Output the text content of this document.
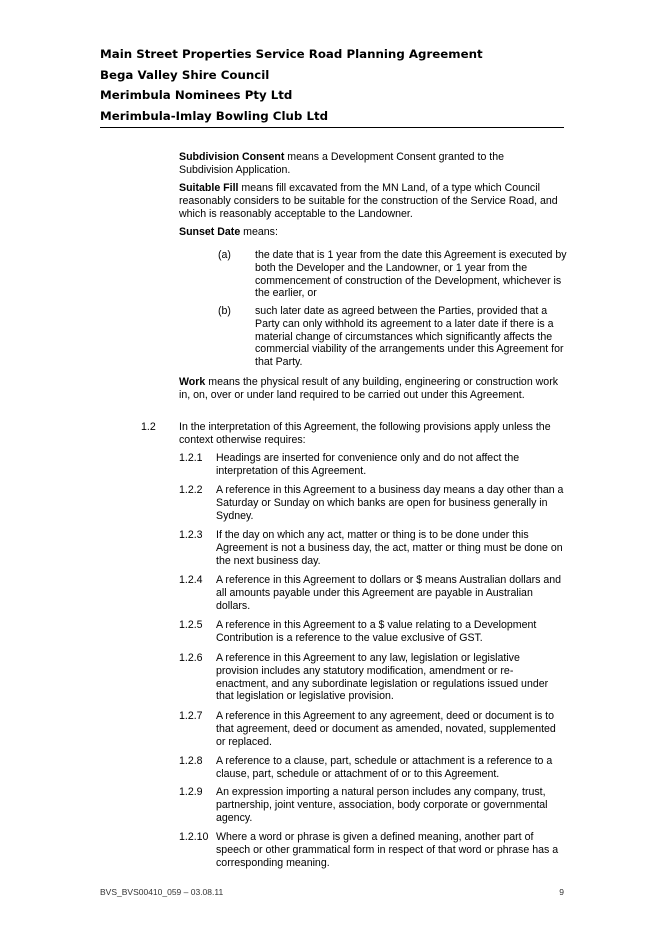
Main Street Properties Service Road Planning Agreement
Bega Valley Shire Council
Merimbula Nominees Pty Ltd
Merimbula-Imlay Bowling Club Ltd

Subdivision Consent means a Development Consent granted to the Subdivision Application.

Suitable Fill means fill excavated from the MN Land, of a type which Council reasonably considers to be suitable for the construction of the Service Road, and which is reasonably acceptable to the Landowner.

Sunset Date means:

(a) the date that is 1 year from the date this Agreement is executed by both the Developer and the Landowner, or 1 year from the commencement of construction of the Development, whichever is the earlier, or

(b) such later date as agreed between the Parties, provided that a Party can only withhold its agreement to a later date if there is a material change of circumstances which significantly affects the commercial viability of the arrangements under this Agreement for that Party.

Work means the physical result of any building, engineering or construction work in, on, over or under land required to be carried out under this Agreement.

1.2 In the interpretation of this Agreement, the following provisions apply unless the context otherwise requires:

1.2.1 Headings are inserted for convenience only and do not affect the interpretation of this Agreement.

1.2.2 A reference in this Agreement to a business day means a day other than a Saturday or Sunday on which banks are open for business generally in Sydney.

1.2.3 If the day on which any act, matter or thing is to be done under this Agreement is not a business day, the act, matter or thing must be done on the next business day.

1.2.4 A reference in this Agreement to dollars or $ means Australian dollars and all amounts payable under this Agreement are payable in Australian dollars.

1.2.5 A reference in this Agreement to a $ value relating to a Development Contribution is a reference to the value exclusive of GST.

1.2.6 A reference in this Agreement to any law, legislation or legislative provision includes any statutory modification, amendment or re-enactment, and any subordinate legislation or regulations issued under that legislation or legislative provision.

1.2.7 A reference in this Agreement to any agreement, deed or document is to that agreement, deed or document as amended, novated, supplemented or replaced.

1.2.8 A reference to a clause, part, schedule or attachment is a reference to a clause, part, schedule or attachment of or to this Agreement.

1.2.9 An expression importing a natural person includes any company, trust, partnership, joint venture, association, body corporate or governmental agency.

1.2.10 Where a word or phrase is given a defined meaning, another part of speech or other grammatical form in respect of that word or phrase has a corresponding meaning.

BVS_BVS00410_059 – 03.08.11	9
